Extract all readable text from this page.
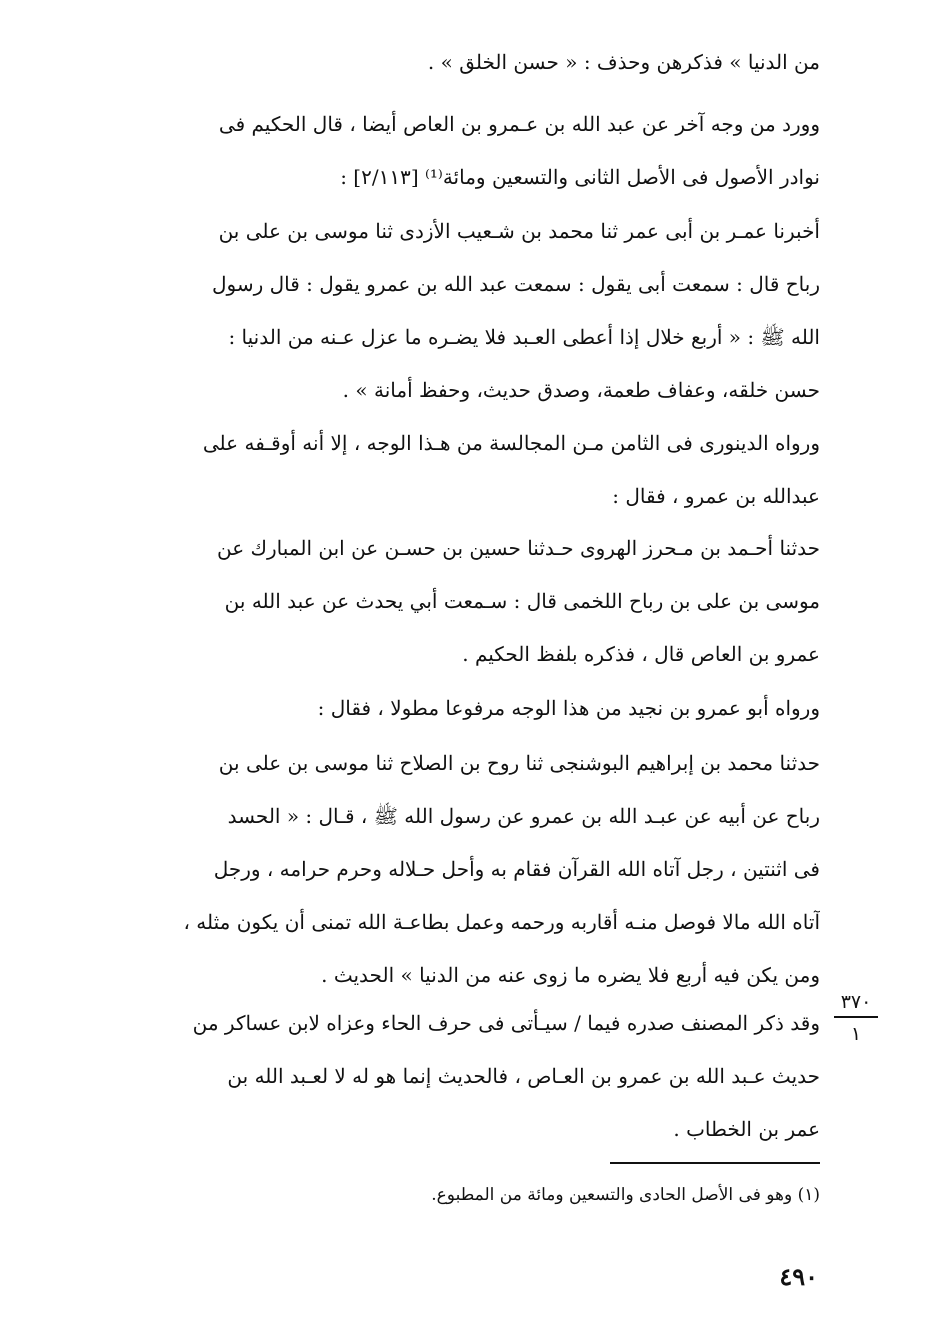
من الدنيا » فذكرهن وحذف : « حسن الخلق » .
وورد من وجه آخر عن عبد الله بن عـمرو بن العاص أيضا ، قال الحكيم فى
نوادر الأصول فى الأصل الثانى والتسعين ومائة⁽¹⁾ [٢/١١٣] :
أخبرنا عمـر بن أبى عمر ثنا محمد بن شـعيب الأزدى ثنا موسى بن على بن
رباح قال : سمعت أبى يقول : سمعت عبد الله بن عمرو يقول : قال رسول
الله ﷺ : « أربع خلال إذا أعطى العـبد فلا يضـره ما عزل عـنه من الدنيا :
حسن خلقه، وعفاف طعمة، وصدق حديث، وحفظ أمانة » .
ورواه الدينورى فى الثامن مـن المجالسة من هـذا الوجه ، إلا أنه أوقـفه على
عبدالله بن عمرو ، فقال :
حدثنا أحـمد بن مـحرز الهروى حـدثنا حسين بن حسـن عن ابن المبارك عن
موسى بن على بن رباح اللخمى قال : سـمعت أبي يحدث عن عبد الله بن
عمرو بن العاص قال ، فذكره بلفظ الحكيم .
ورواه أبو عمرو بن نجيد من هذا الوجه مرفوعا مطولا ، فقال :
حدثنا محمد بن إبراهيم البوشنجى ثنا روح بن الصلاح ثنا موسى بن على بن
رباح عن أبيه عن عبـد الله بن عمرو عن رسول الله ﷺ ، قـال : « الحسد
فى اثنتين ، رجل آتاه الله القرآن فقام به وأحل حـلاله وحرم حرامه ، ورجل
آتاه الله مالا فوصل منـه أقاربه ورحمه وعمل بطاعـة الله تمنى أن يكون مثله ،
ومن يكن فيه أربع فلا يضره ما زوى عنه من الدنيا » الحديث .
وقد ذكر المصنف صدره فيما / سيـأتى فى حرف الحاء وعزاه لابن عساكر من
حديث عـبد الله بن عمرو بن العـاص ، فالحديث إنما هو له لا لعـبد الله بن
عمر بن الخطاب .
٣٧٠
١
(١) وهو فى الأصل الحادى والتسعين ومائة من المطبوع.
٤٩٠
